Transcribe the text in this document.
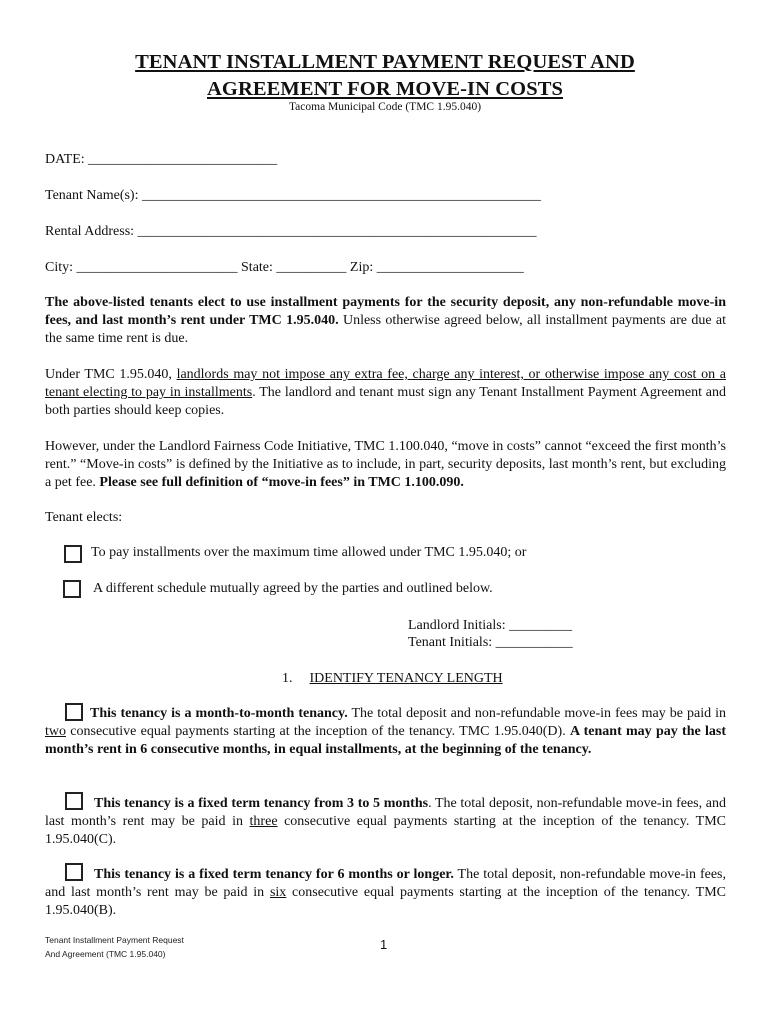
TENANT INSTALLMENT PAYMENT REQUEST AND
AGREEMENT FOR MOVE-IN COSTS
Tacoma Municipal Code (TMC 1.95.040)
DATE: ___________________________
Tenant Name(s): _________________________________________________________
Rental Address: _________________________________________________________
City: _______________________ State: __________ Zip: _____________________
The above-listed tenants elect to use installment payments for the security deposit, any non-refundable move-in fees, and last month’s rent under TMC 1.95.040. Unless otherwise agreed below, all installment payments are due at the same time rent is due.
Under TMC 1.95.040, landlords may not impose any extra fee, charge any interest, or otherwise impose any cost on a tenant electing to pay in installments. The landlord and tenant must sign any Tenant Installment Payment Agreement and both parties should keep copies.
However, under the Landlord Fairness Code Initiative, TMC 1.100.040, “move in costs” cannot “exceed the first month’s rent.” “Move-in costs” is defined by the Initiative as to include, in part, security deposits, last month’s rent, but excluding a pet fee. Please see full definition of “move-in fees” in TMC 1.100.090.
Tenant elects:
To pay installments over the maximum time allowed under TMC 1.95.040; or
A different schedule mutually agreed by the parties and outlined below.
Landlord Initials: _________
Tenant Initials: ___________
1. IDENTIFY TENANCY LENGTH
This tenancy is a month-to-month tenancy. The total deposit and non-refundable move-in fees may be paid in two consecutive equal payments starting at the inception of the tenancy. TMC 1.95.040(D). A tenant may pay the last month’s rent in 6 consecutive months, in equal installments, at the beginning of the tenancy.
This tenancy is a fixed term tenancy from 3 to 5 months. The total deposit, non-refundable move-in fees, and last month’s rent may be paid in three consecutive equal payments starting at the inception of the tenancy. TMC 1.95.040(C).
This tenancy is a fixed term tenancy for 6 months or longer. The total deposit, non-refundable move-in fees, and last month’s rent may be paid in six consecutive equal payments starting at the inception of the tenancy. TMC 1.95.040(B).
Tenant Installment Payment Request
And Agreement (TMC 1.95.040)
1
